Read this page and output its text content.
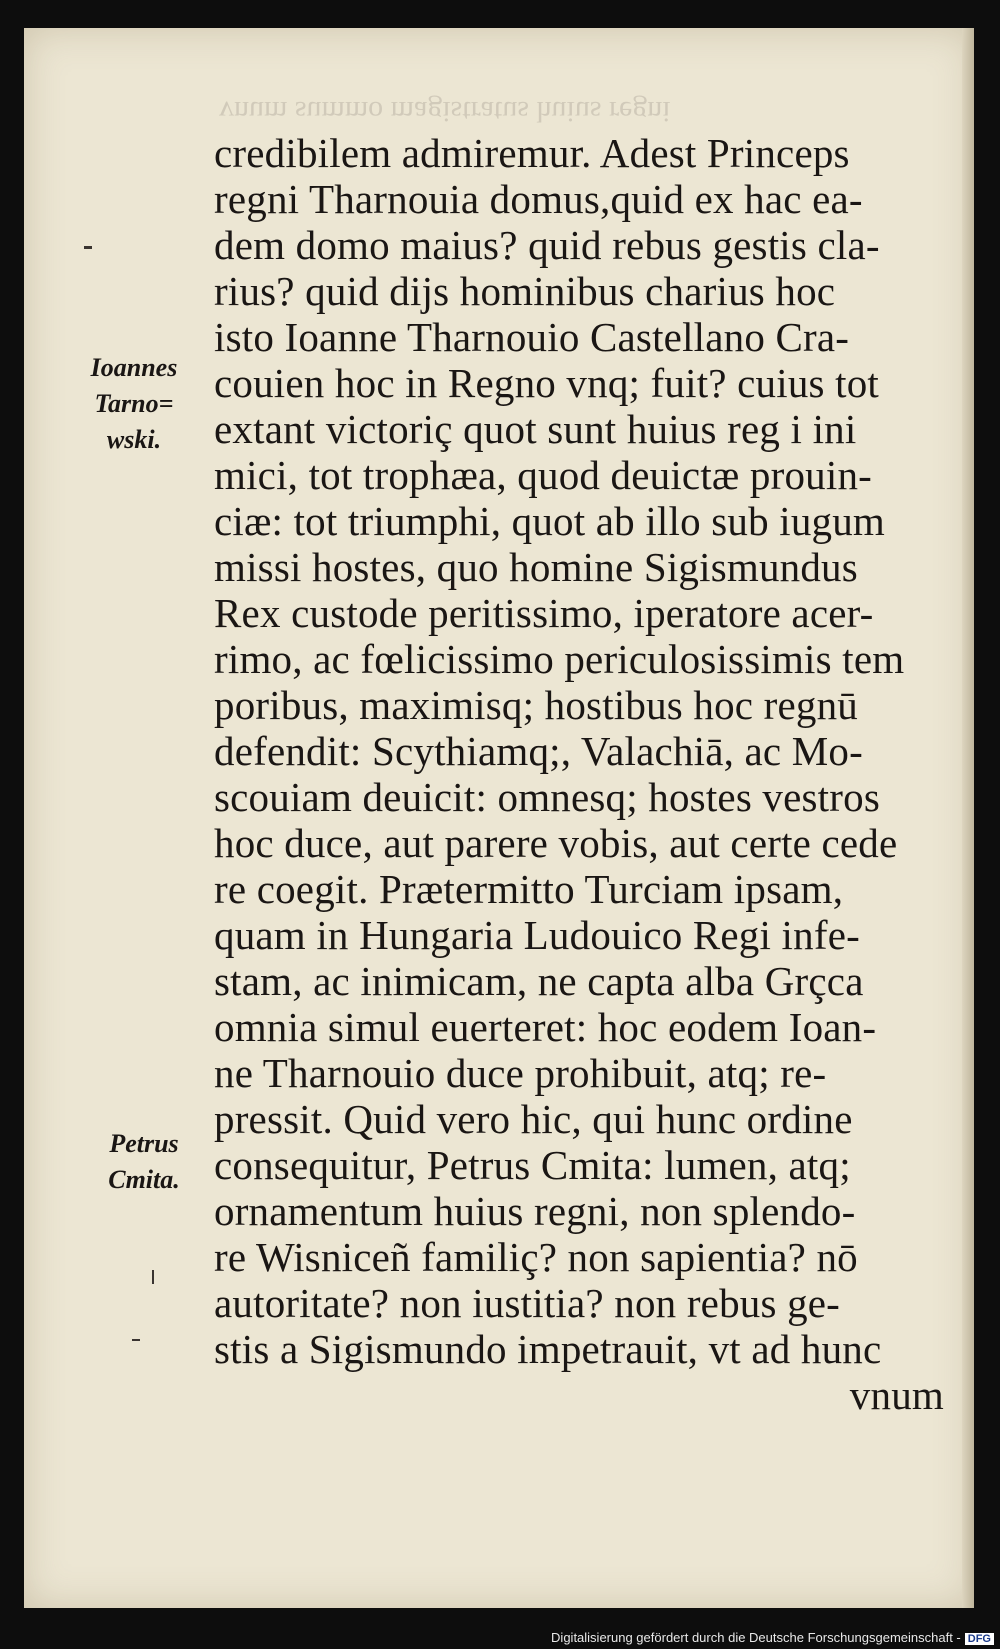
vnum summo magistratus huius regni
credibilem admiremur. Adest Princeps
regni Tharnouia domus,quid ex hac ea-
dem domo maius? quid rebus gestis cla-
rius? quid dijs hominibus charius hoc
isto Ioanne Tharnouio Castellano Cra-
couien hoc in Regno vnq; fuit? cuius tot
extant victoriç quot sunt huius reg i ini
mici, tot trophæa, quod deuictæ prouin-
ciæ: tot triumphi, quot ab illo sub iugum
missi hostes, quo homine Sigismundus
Rex custode peritissimo, iperatore acer-
rimo, ac fœlicissimo periculosissimis tem
poribus, maximisq; hostibus hoc regnū
defendit: Scythiamq;, Valachiā, ac Mo-
scouiam deuicit: omnesq; hostes vestros
hoc duce, aut parere vobis, aut certe cede
re coegit. Prætermitto Turciam ipsam,
quam in Hungaria Ludouico Regi infe-
stam, ac inimicam, ne capta alba Grçca
omnia simul euerteret: hoc eodem Ioan-
ne Tharnouio duce prohibuit, atq; re-
pressit. Quid vero hic, qui hunc ordine
consequitur, Petrus Cmita: lumen, atq;
ornamentum huius regni, non splendo-
re Wisniceñ familiç? non sapientia? nō
autoritate? non iustitia? non rebus ge-
stis a Sigismundo impetrauit, vt ad hunc
vnum
Ioannes
Tarno=
wski.
Petrus
Cmita.
Digitalisierung gefördert durch die Deutsche Forschungsgemeinschaft - DFG
